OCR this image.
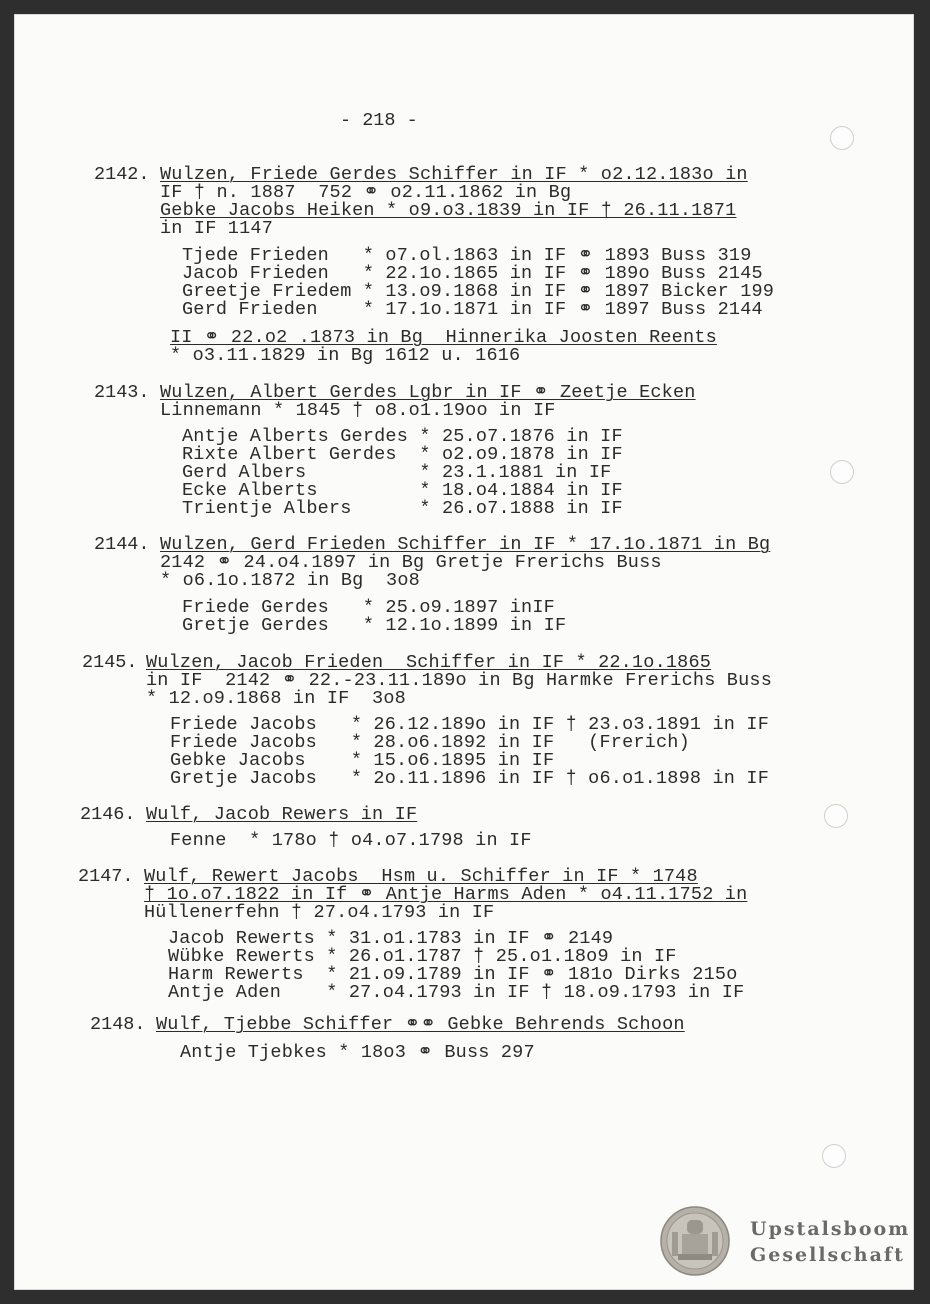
- 218 -

2142. Wulzen, Friede Gerdes Schiffer in IF * o2.12.183o in

IF † n. 1887  752 ⚭ o2.11.1862 in Bg

Gebke Jacobs Heiken * o9.o3.1839 in IF † 26.11.1871

in IF 1147

Tjede Frieden   * o7.ol.1863 in IF ⚭ 1893 Buss 319

Jacob Frieden   * 22.1o.1865 in IF ⚭ 189o Buss 2145

Greetje Friedem * 13.o9.1868 in IF ⚭ 1897 Bicker 199

Gerd Frieden    * 17.1o.1871 in IF ⚭ 1897 Buss 2144

II ⚭ 22.o2 .1873 in Bg  Hinnerika Joosten Reents

* o3.11.1829 in Bg 1612 u. 1616

2143. Wulzen, Albert Gerdes Lgbr in IF ⚭ Zeetje Ecken

Linnemann * 1845 † o8.o1.19oo in IF

Antje Alberts Gerdes * 25.o7.1876 in IF

Rixte Albert Gerdes  * o2.o9.1878 in IF

Gerd Albers          * 23.1.1881 in IF

Ecke Alberts         * 18.o4.1884 in IF

Trientje Albers      * 26.o7.1888 in IF

2144. Wulzen, Gerd Frieden Schiffer in IF * 17.1o.1871 in Bg

2142 ⚭ 24.o4.1897 in Bg Gretje Frerichs Buss

* o6.1o.1872 in Bg  3o8

Friede Gerdes   * 25.o9.1897 inIF

Gretje Gerdes   * 12.1o.1899 in IF

2145. Wulzen, Jacob Frieden  Schiffer in IF * 22.1o.1865

in IF  2142 ⚭ 22.-23.11.189o in Bg Harmke Frerichs Buss

* 12.o9.1868 in IF  3o8

Friede Jacobs   * 26.12.189o in IF † 23.o3.1891 in IF

Friede Jacobs   * 28.o6.1892 in IF   (Frerich)

Gebke Jacobs    * 15.o6.1895 in IF

Gretje Jacobs   * 2o.11.1896 in IF † o6.o1.1898 in IF

2146. Wulf, Jacob Rewers in IF

Fenne  * 178o † o4.o7.1798 in IF

2147. Wulf, Rewert Jacobs  Hsm u. Schiffer in IF * 1748

† 1o.o7.1822 in If ⚭ Antje Harms Aden * o4.11.1752 in

Hüllenerfehn † 27.o4.1793 in IF

Jacob Rewerts * 31.o1.1783 in IF ⚭ 2149

Wübke Rewerts * 26.o1.1787 † 25.o1.18o9 in IF

Harm Rewerts  * 21.o9.1789 in IF ⚭ 181o Dirks 215o

Antje Aden    * 27.o4.1793 in IF † 18.o9.1793 in IF

2148. Wulf, Tjebbe Schiffer ⚭⚭ Gebke Behrends Schoon

Antje Tjebkes * 18o3 ⚭ Buss 297

Upstalsboom

Gesellschaft
